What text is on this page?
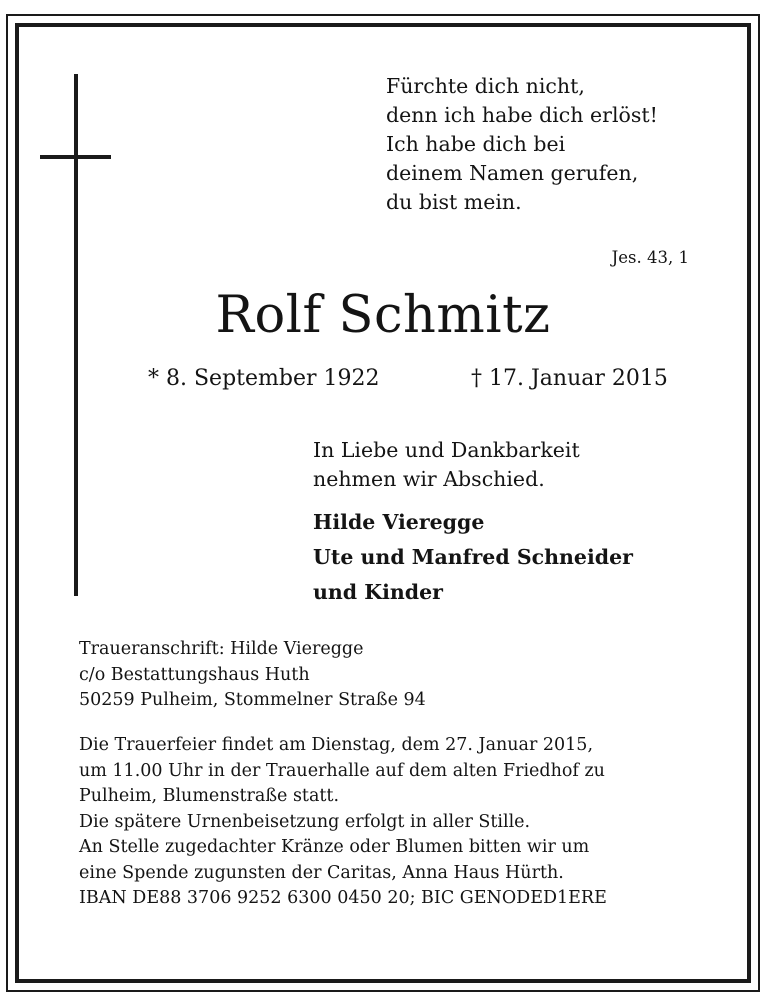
Fürchte dich nicht,
denn ich habe dich erlöst!
Ich habe dich bei
deinem Namen gerufen,
du bist mein.
Jes. 43, 1
Rolf Schmitz
* 8. September 1922	† 17. Januar 2015
In Liebe und Dankbarkeit
nehmen wir Abschied.
Hilde Vieregge
Ute und Manfred Schneider
und Kinder
Traueranschrift: Hilde Vieregge
c/o Bestattungshaus Huth
50259 Pulheim, Stommelner Straße 94
Die Trauerfeier findet am Dienstag, dem 27. Januar 2015,
um 11.00 Uhr in der Trauerhalle auf dem alten Friedhof zu
Pulheim, Blumenstraße statt.
Die spätere Urnenbeisetzung erfolgt in aller Stille.
An Stelle zugedachter Kränze oder Blumen bitten wir um
eine Spende zugunsten der Caritas, Anna Haus Hürth.
IBAN DE88 3706 9252 6300 0450 20; BIC GENODED1ERE
